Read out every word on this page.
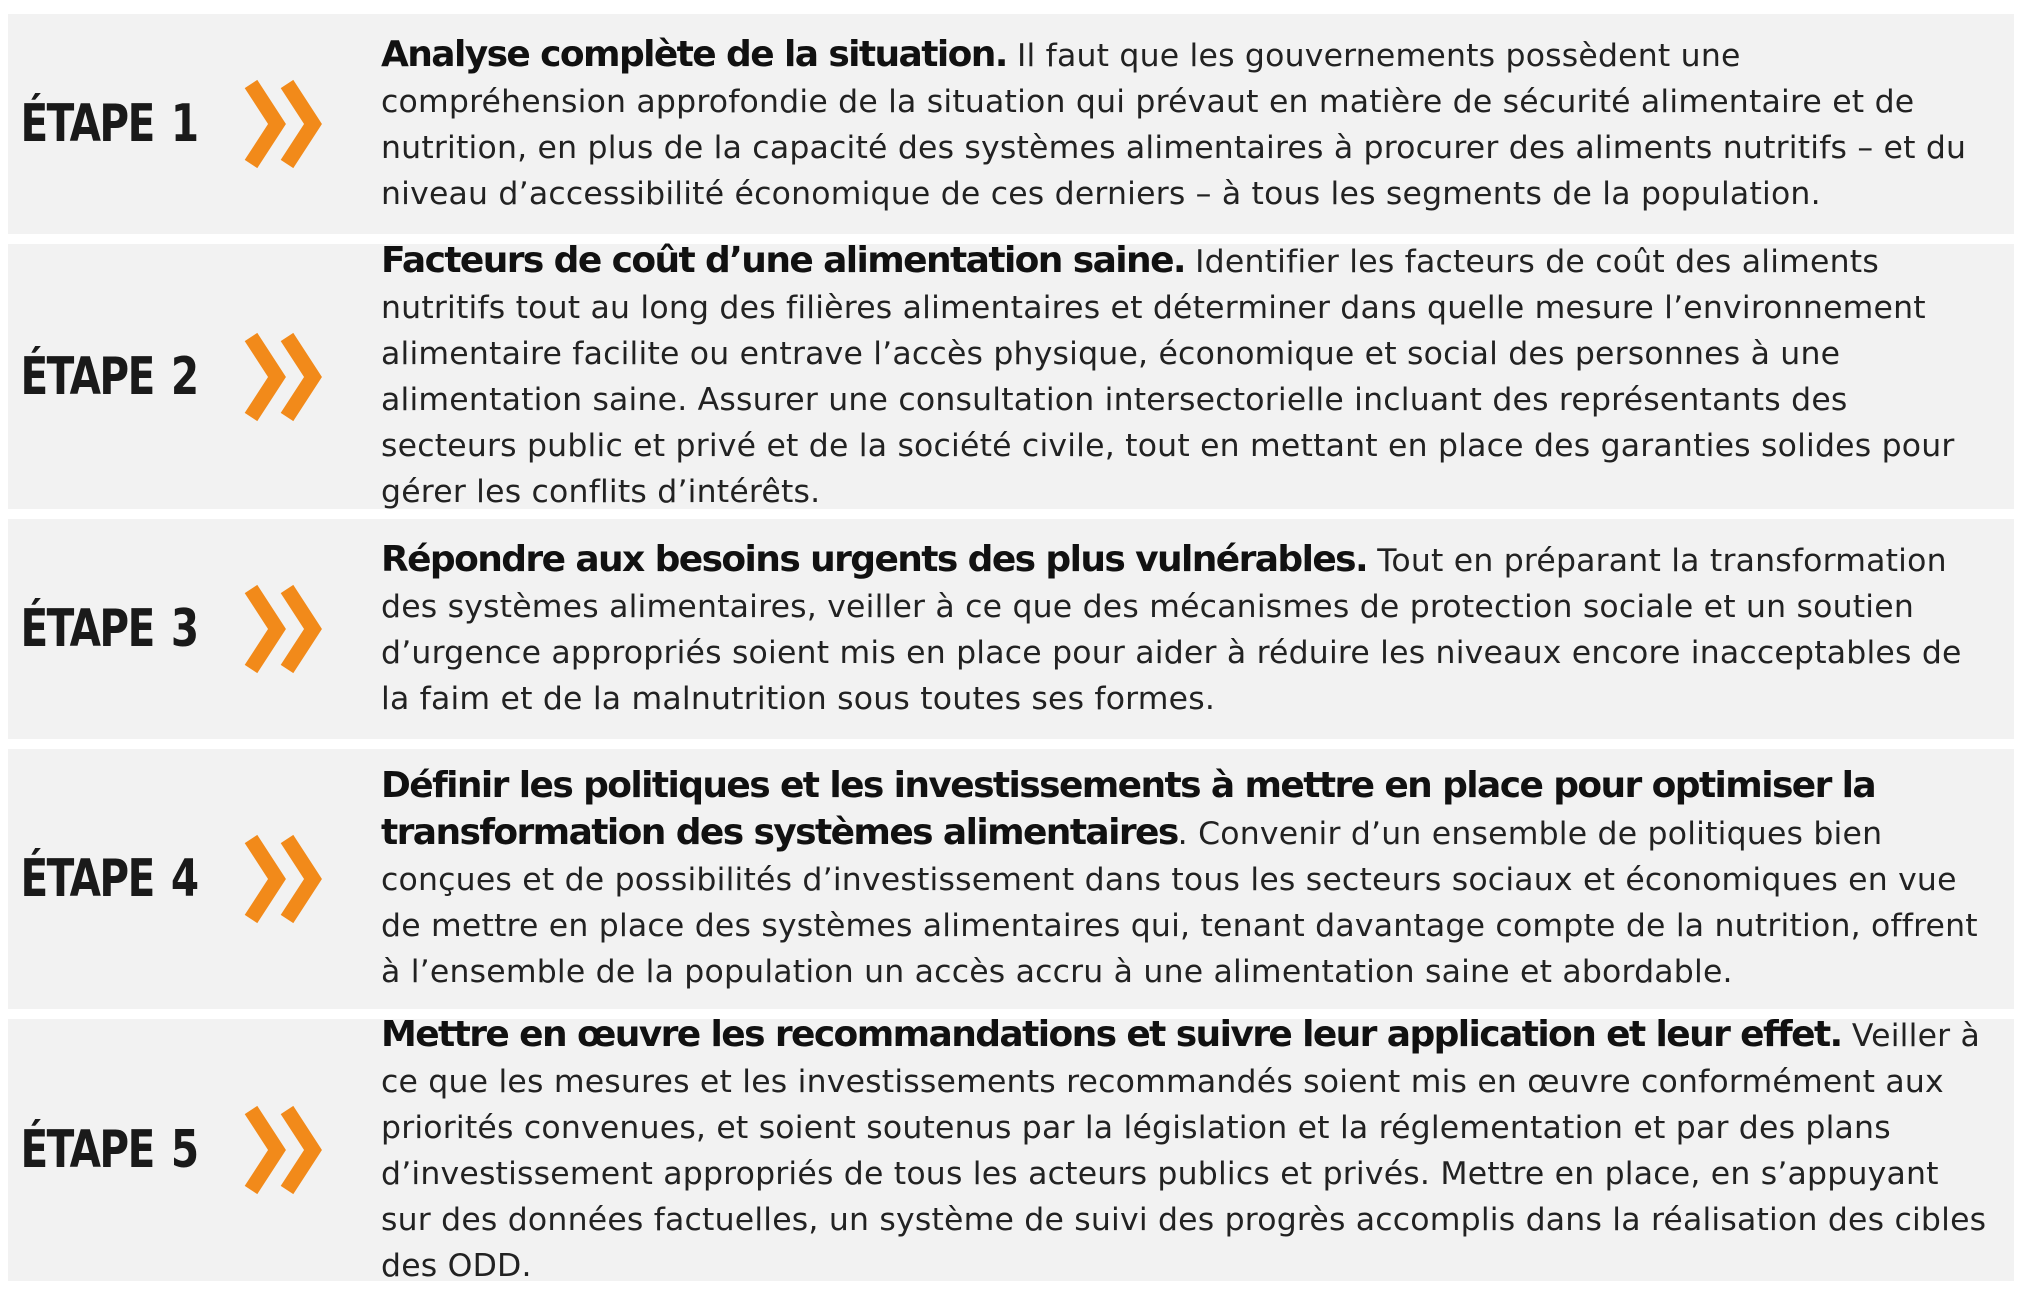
ÉTAPE 1
Analyse complète de la situation. Il faut que les gouvernements possèdent une compréhension approfondie de la situation qui prévaut en matière de sécurité alimentaire et de nutrition, en plus de la capacité des systèmes alimentaires à procurer des aliments nutritifs – et du niveau d’accessibilité économique de ces derniers – à tous les segments de la population.
ÉTAPE 2
Facteurs de coût d’une alimentation saine. Identifier les facteurs de coût des aliments nutritifs tout au long des filières alimentaires et déterminer dans quelle mesure l’environnement alimentaire facilite ou entrave l’accès physique, économique et social des personnes à une alimentation saine. Assurer une consultation intersectorielle incluant des représentants des secteurs public et privé et de la société civile, tout en mettant en place des garanties solides pour gérer les conflits d’intérêts.
ÉTAPE 3
Répondre aux besoins urgents des plus vulnérables. Tout en préparant la transformation des systèmes alimentaires, veiller à ce que des mécanismes de protection sociale et un soutien d’urgence appropriés soient mis en place pour aider à réduire les niveaux encore inacceptables de la faim et de la malnutrition sous toutes ses formes.
ÉTAPE 4
Définir les politiques et les investissements à mettre en place pour optimiser la transformation des systèmes alimentaires. Convenir d’un ensemble de politiques bien conçues et de possibilités d’investissement dans tous les secteurs sociaux et économiques en vue de mettre en place des systèmes alimentaires qui, tenant davantage compte de la nutrition, offrent à l’ensemble de la population un accès accru à une alimentation saine et abordable.
ÉTAPE 5
Mettre en œuvre les recommandations et suivre leur application et leur effet. Veiller à ce que les mesures et les investissements recommandés soient mis en œuvre conformément aux priorités convenues, et soient soutenus par la législation et la réglementation et par des plans d’investissement appropriés de tous les acteurs publics et privés. Mettre en place, en s’appuyant sur des données factuelles, un système de suivi des progrès accomplis dans la réalisation des cibles des ODD.
